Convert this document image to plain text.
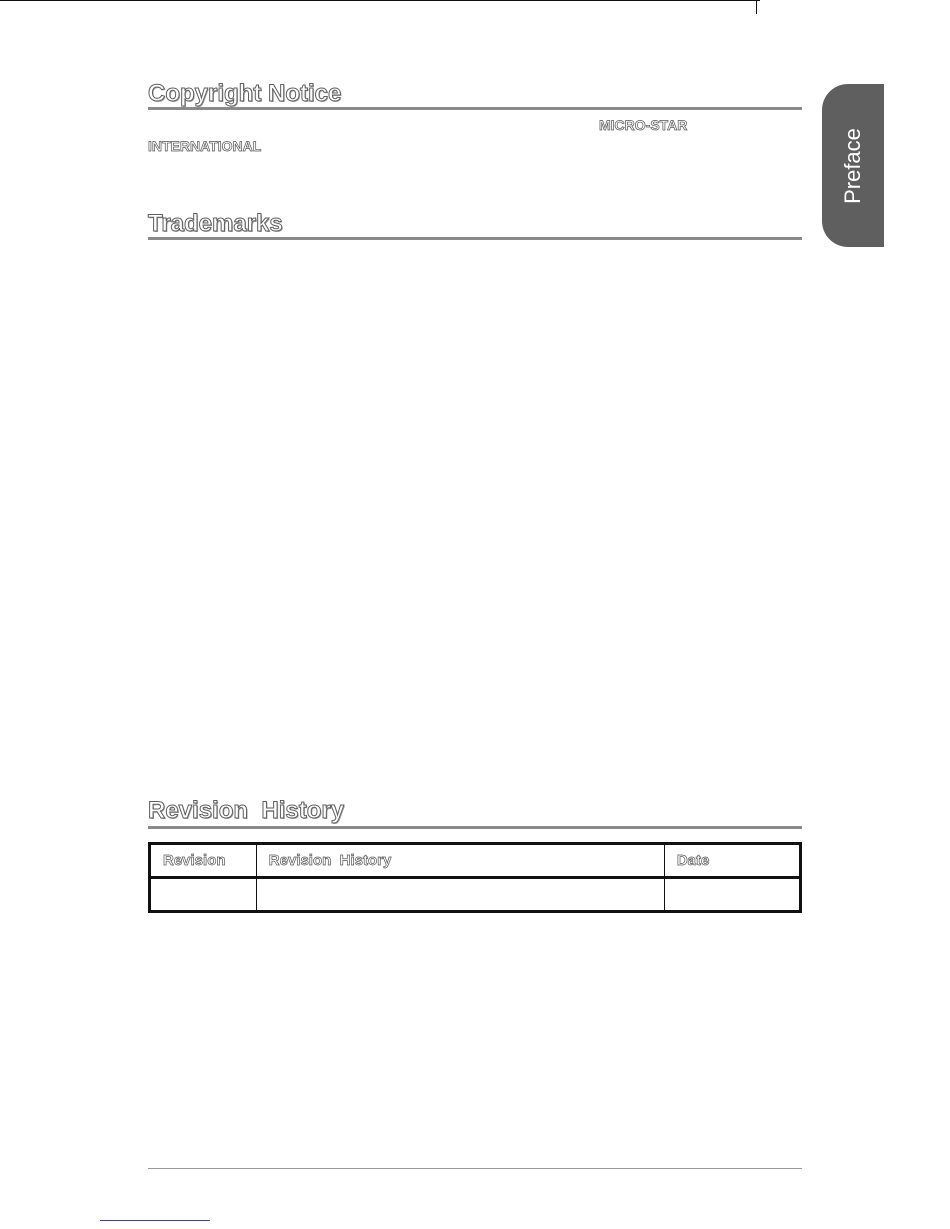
Preface
Copyright Notice
MICRO-STAR
INTERNATIONAL
Trademarks
Revision  History
Revision	Revision  History	Date
